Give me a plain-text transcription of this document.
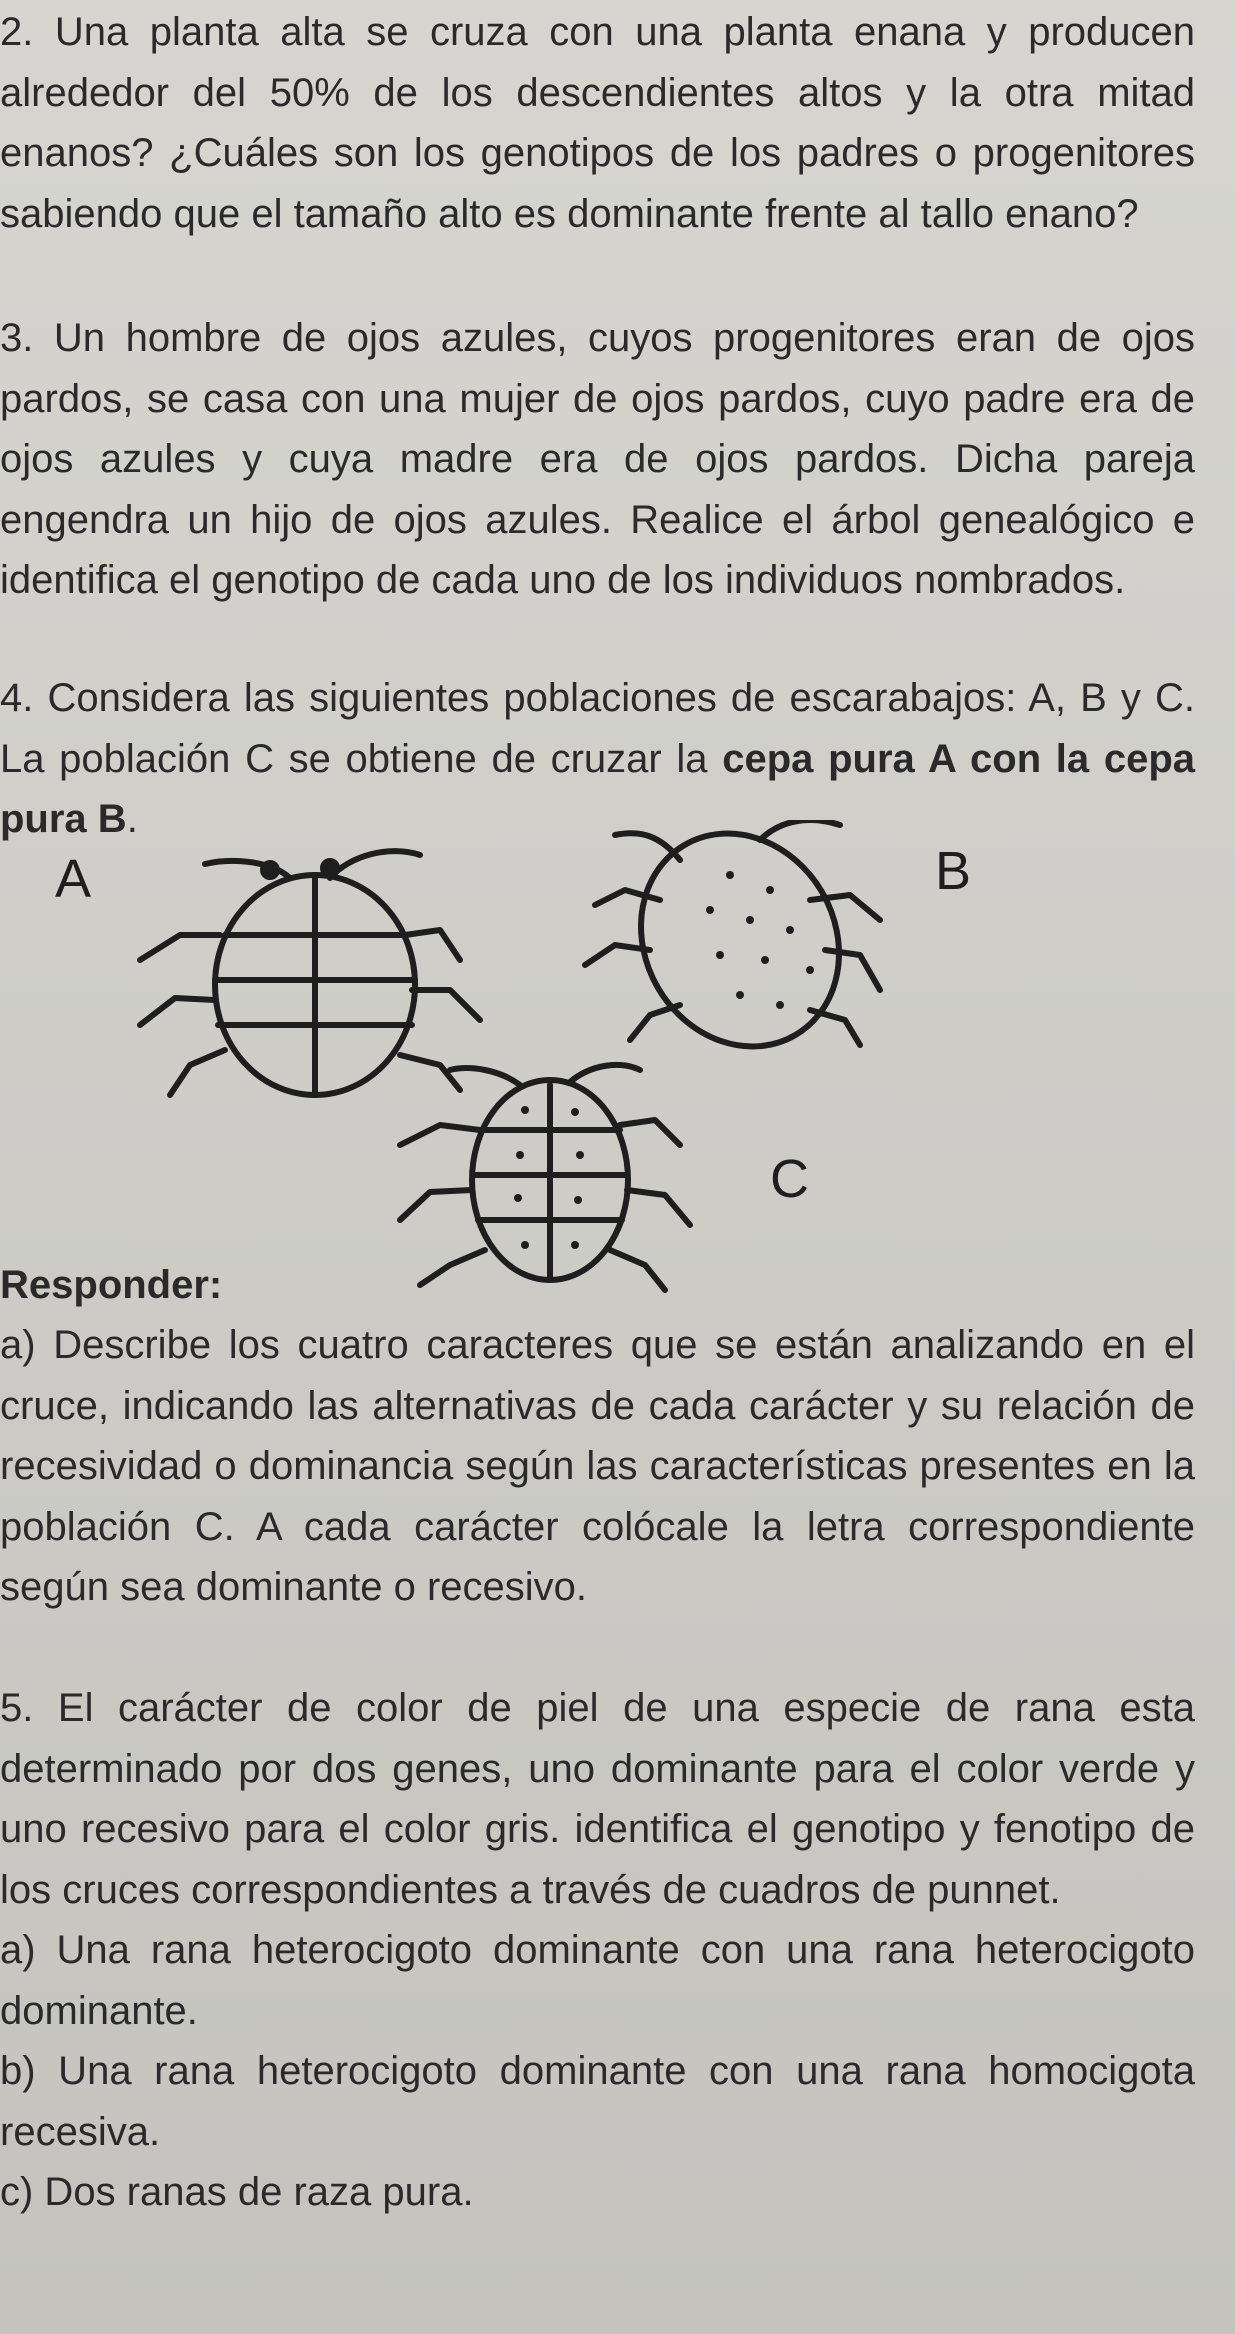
2. Una planta alta se cruza con una planta enana y producen alrededor del 50% de los descendientes altos y la otra mitad enanos? ¿Cuáles son los genotipos de los padres o progenitores sabiendo que el tamaño alto es dominante frente al tallo enano?

3. Un hombre de ojos azules, cuyos progenitores eran de ojos pardos, se casa con una mujer de ojos pardos, cuyo padre era de ojos azules y cuya madre era de ojos pardos. Dicha pareja engendra un hijo de ojos azules. Realice el árbol genealógico e identifica el genotipo de cada uno de los individuos nombrados.

4. Considera las siguientes poblaciones de escarabajos: A, B y C. La población C se obtiene de cruzar la cepa pura A con la cepa pura B.

A	B
C
Responder:

a) Describe los cuatro caracteres que se están analizando en el cruce, indicando las alternativas de cada carácter y su relación de recesividad o dominancia según las características presentes en la población C. A cada carácter colócale la letra correspondiente según sea dominante o recesivo.

5. El carácter de color de piel de una especie de rana esta determinado por dos genes, uno dominante para el color verde y uno recesivo para el color gris. identifica el genotipo y fenotipo de los cruces correspondientes a través de cuadros de punnet.

a) Una rana heterocigoto dominante con una rana heterocigoto dominante.

b) Una rana heterocigoto dominante con una rana homocigota recesiva.

c) Dos ranas de raza pura.
